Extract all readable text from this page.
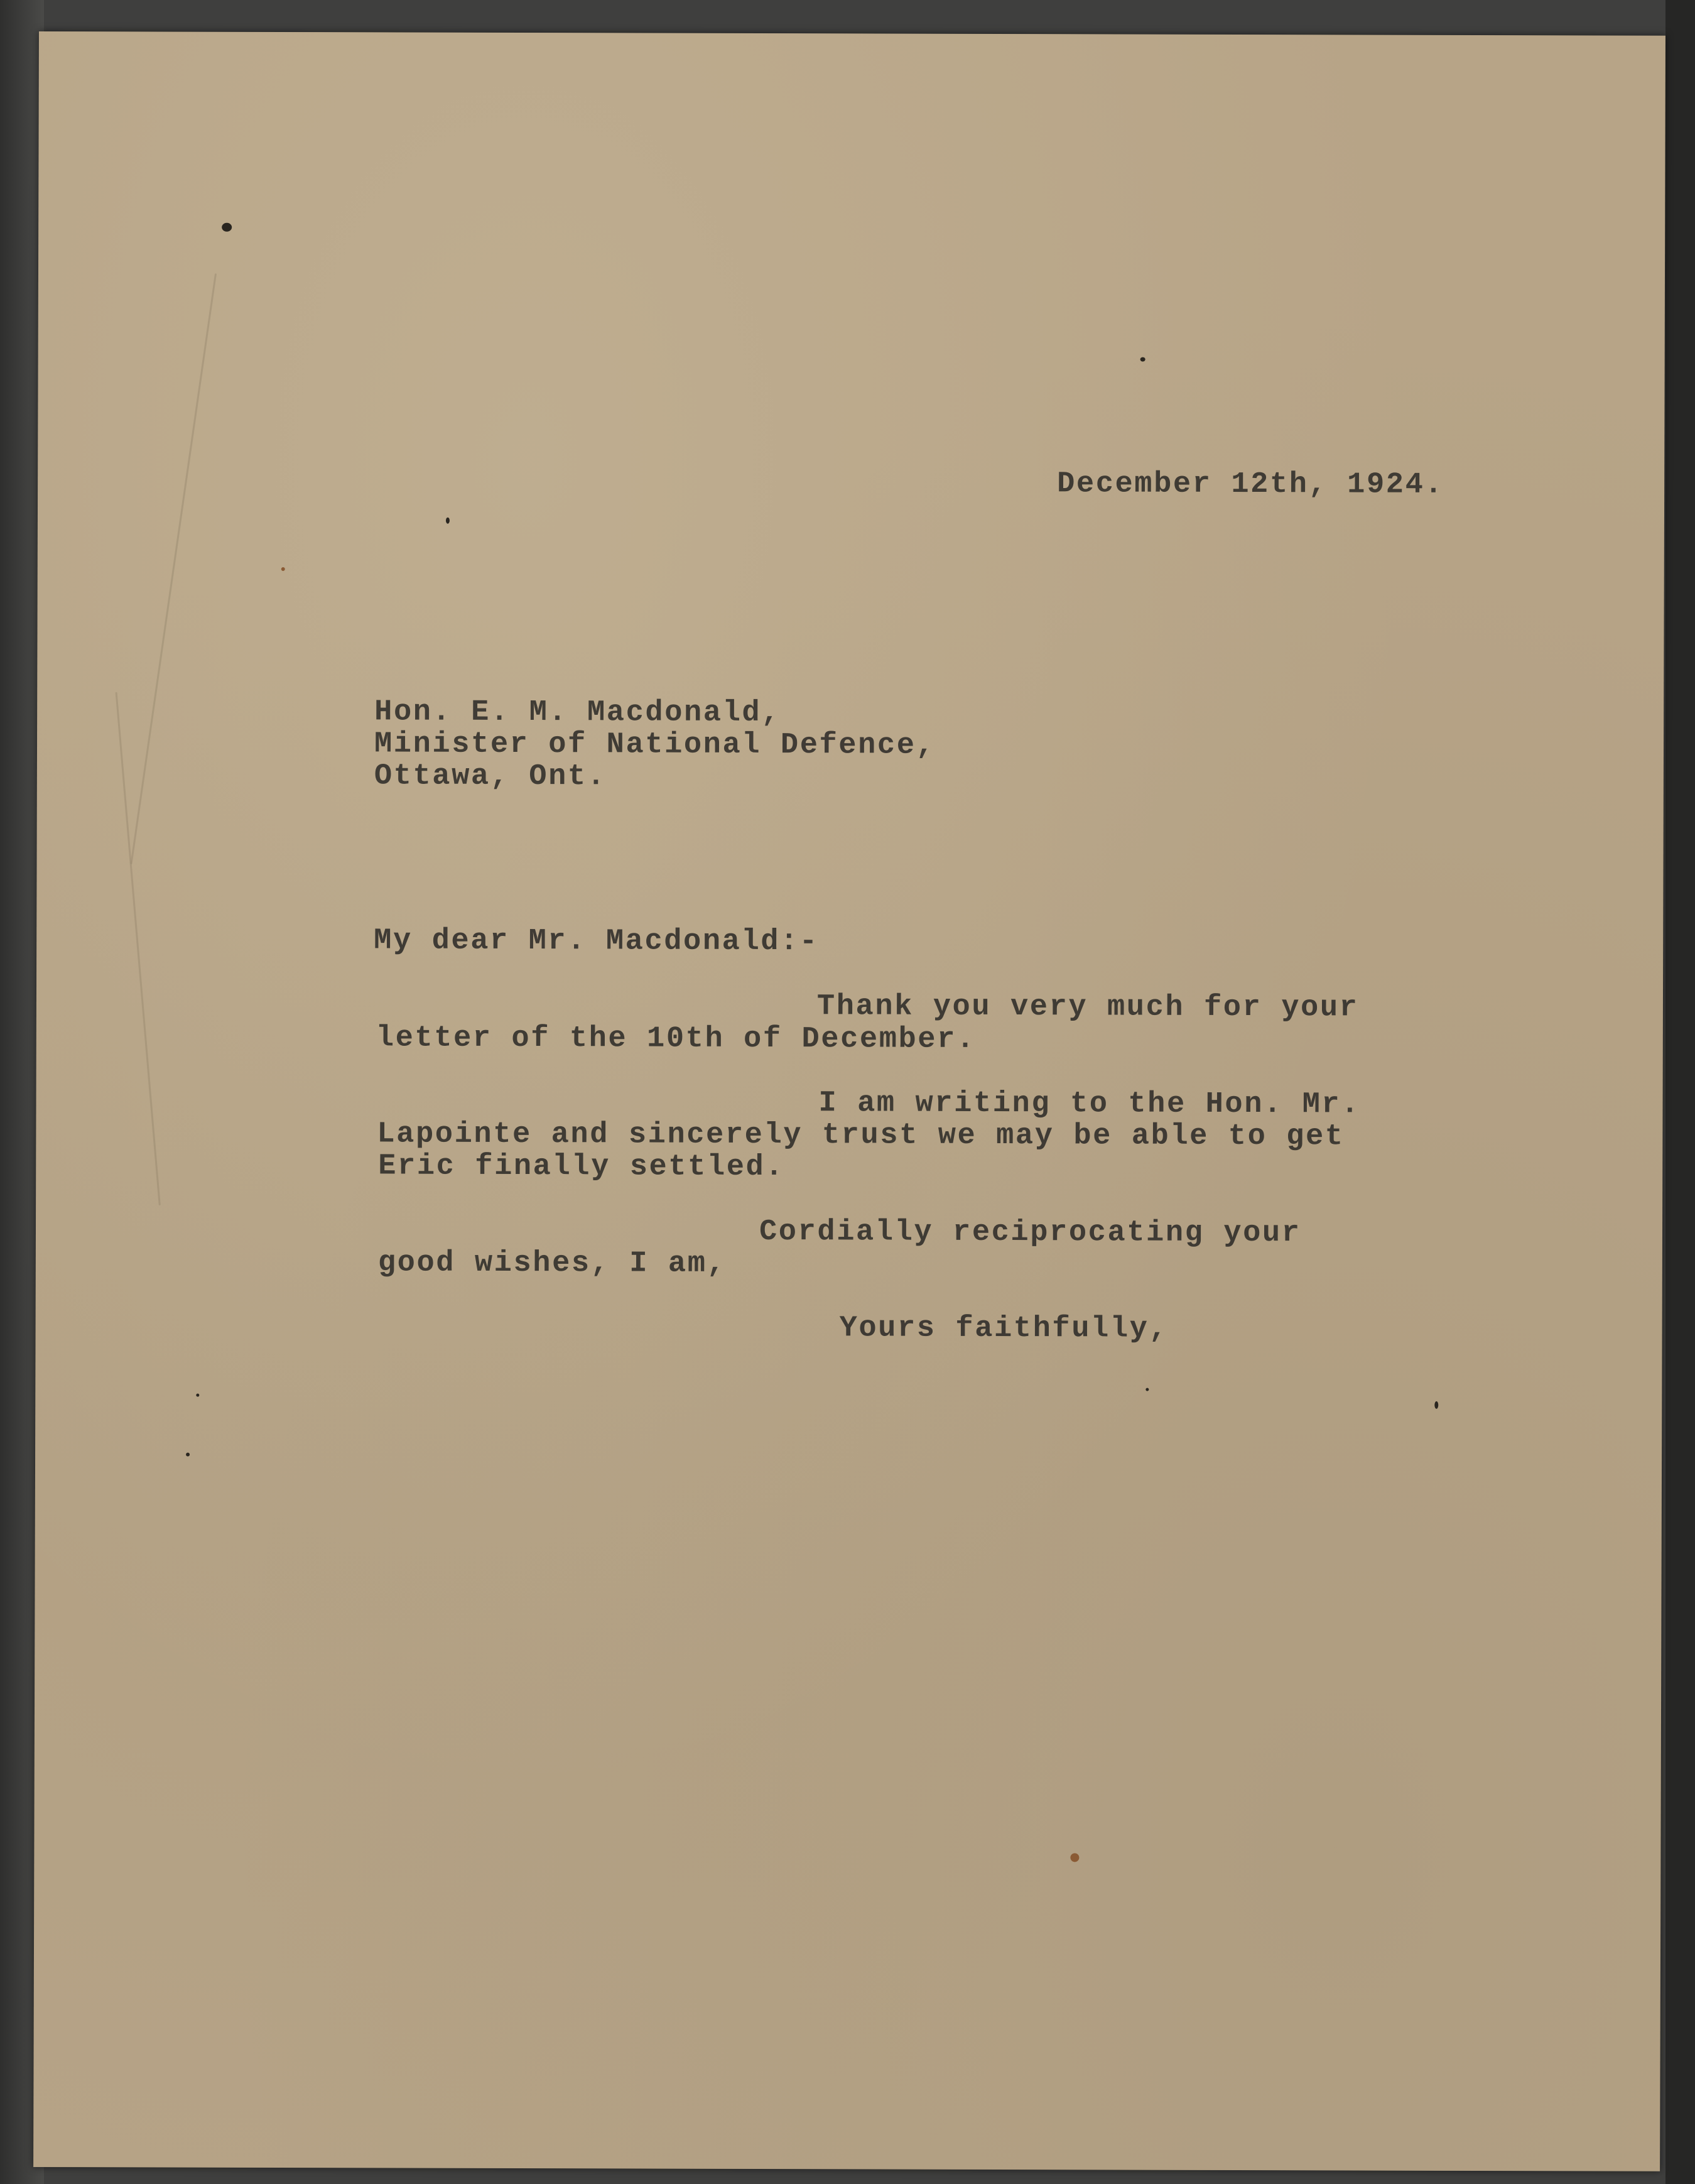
December 12th, 1924.

Hon. E. M. Macdonald,

Minister of National Defence,

Ottawa, Ont.

My dear Mr. Macdonald:-

Thank you very much for your

letter of the 10th of December.

I am writing to the Hon. Mr.

Lapointe and sincerely trust we may be able to get

Eric finally settled.

Cordially reciprocating your

good wishes, I am,

Yours faithfully,
